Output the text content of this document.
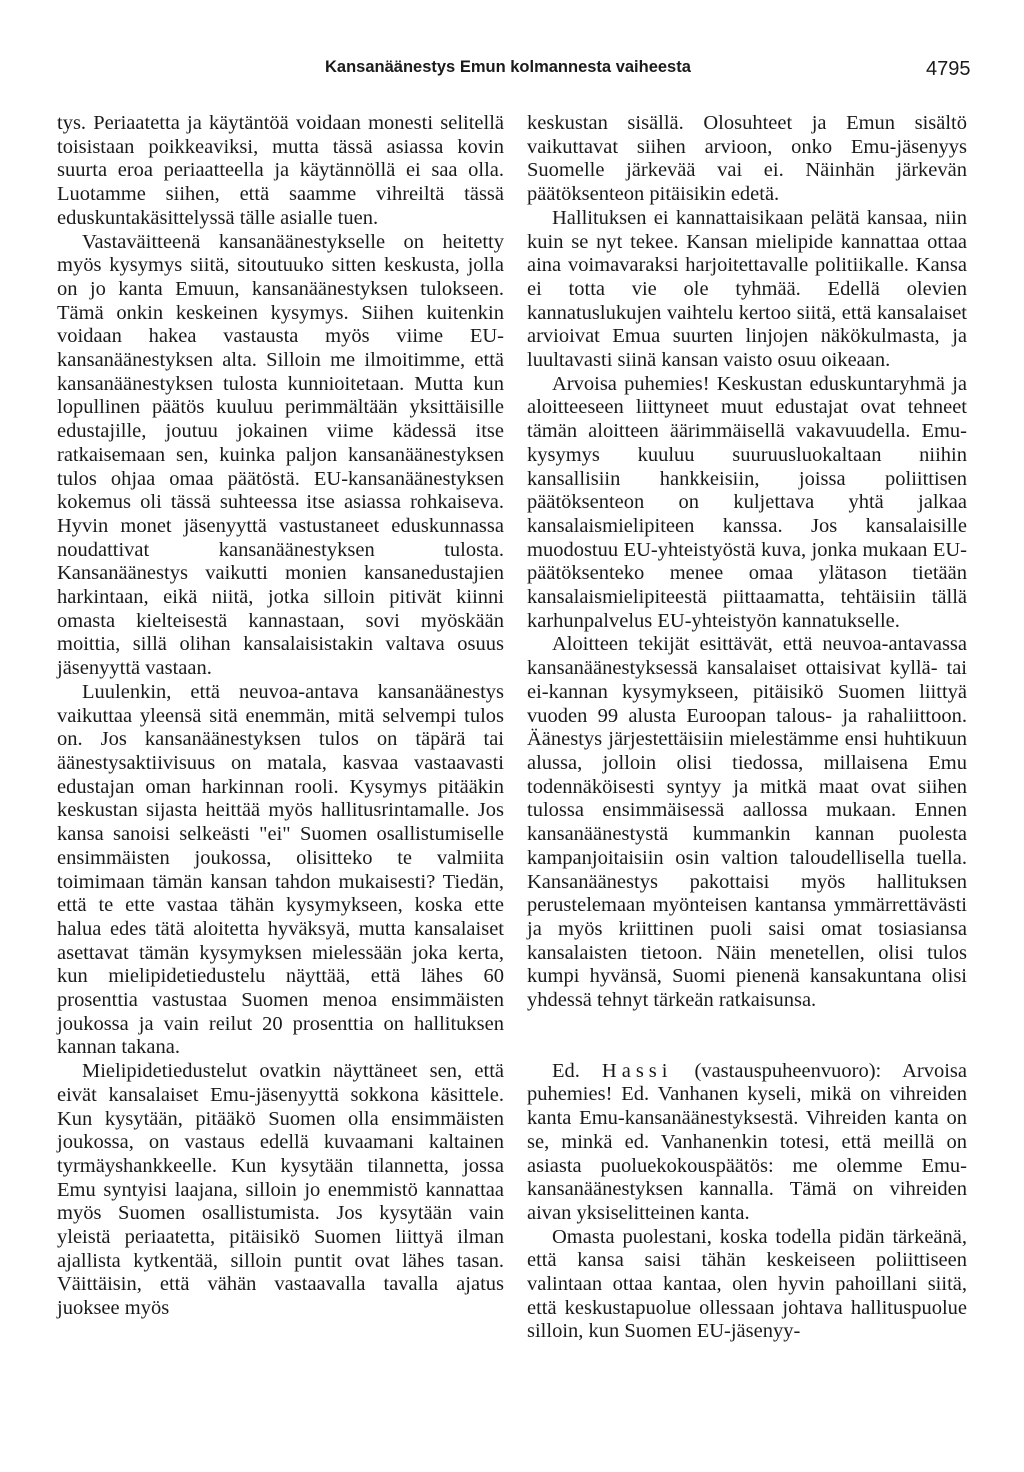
Kansanäänestys Emun kolmannesta vaiheesta	4795

tys. Periaatetta ja käytäntöä voidaan monesti selitellä toisistaan poikkeaviksi, mutta tässä asiassa kovin suurta eroa periaatteella ja käytännöllä ei saa olla. Luotamme siihen, että saamme vihreiltä tässä eduskuntakäsittelyssä tälle asialle tuen.

Vastaväitteenä kansanäänestykselle on heitetty myös kysymys siitä, sitoutuuko sitten keskusta, jolla on jo kanta Emuun, kansanäänestyksen tulokseen. Tämä onkin keskeinen kysymys. Siihen kuitenkin voidaan hakea vastausta myös viime EU-kansanäänestyksen alta. Silloin me ilmoitimme, että kansanäänestyksen tulosta kunnioitetaan. Mutta kun lopullinen päätös kuuluu perimmältään yksittäisille edustajille, joutuu jokainen viime kädessä itse ratkaisemaan sen, kuinka paljon kansanäänestyksen tulos ohjaa omaa päätöstä. EU-kansanäänestyksen kokemus oli tässä suhteessa itse asiassa rohkaiseva. Hyvin monet jäsenyyttä vastustaneet eduskunnassa noudattivat kansanäänestyksen tulosta. Kansanäänestys vaikutti monien kansanedustajien harkintaan, eikä niitä, jotka silloin pitivät kiinni omasta kielteisestä kannastaan, sovi myöskään moittia, sillä olihan kansalaisistakin valtava osuus jäsenyyttä vastaan.

Luulenkin, että neuvoa-antava kansanäänestys vaikuttaa yleensä sitä enemmän, mitä selvempi tulos on. Jos kansanäänestyksen tulos on täpärä tai äänestysaktiivisuus on matala, kasvaa vastaavasti edustajan oman harkinnan rooli. Kysymys pitääkin keskustan sijasta heittää myös hallitusrintamalle. Jos kansa sanoisi selkeästi "ei" Suomen osallistumiselle ensimmäisten joukossa, olisitteko te valmiita toimimaan tämän kansan tahdon mukaisesti? Tiedän, että te ette vastaa tähän kysymykseen, koska ette halua edes tätä aloitetta hyväksyä, mutta kansalaiset asettavat tämän kysymyksen mielessään joka kerta, kun mielipidetiedustelu näyttää, että lähes 60 prosenttia vastustaa Suomen menoa ensimmäisten joukossa ja vain reilut 20 prosenttia on hallituksen kannan takana.

Mielipidetiedustelut ovatkin näyttäneet sen, että eivät kansalaiset Emu-jäsenyyttä sokkona käsittele. Kun kysytään, pitääkö Suomen olla ensimmäisten joukossa, on vastaus edellä kuvaamani kaltainen tyrmäyshankkeelle. Kun kysytään tilannetta, jossa Emu syntyisi laajana, silloin jo enemmistö kannattaa myös Suomen osallistumista. Jos kysytään vain yleistä periaatetta, pitäisikö Suomen liittyä ilman ajallista kytkentää, silloin puntit ovat lähes tasan. Väittäisin, että vähän vastaavalla tavalla ajatus juoksee myös

keskustan sisällä. Olosuhteet ja Emun sisältö vaikuttavat siihen arvioon, onko Emu-jäsenyys Suomelle järkevää vai ei. Näinhän järkevän päätöksenteon pitäisikin edetä.

Hallituksen ei kannattaisikaan pelätä kansaa, niin kuin se nyt tekee. Kansan mielipide kannattaa ottaa aina voimavaraksi harjoitettavalle politiikalle. Kansa ei totta vie ole tyhmää. Edellä olevien kannatuslukujen vaihtelu kertoo siitä, että kansalaiset arvioivat Emua suurten linjojen näkökulmasta, ja luultavasti siinä kansan vaisto osuu oikeaan.

Arvoisa puhemies! Keskustan eduskuntaryhmä ja aloitteeseen liittyneet muut edustajat ovat tehneet tämän aloitteen äärimmäisellä vakavuudella. Emu-kysymys kuuluu suuruusluokaltaan niihin kansallisiin hankkeisiin, joissa poliittisen päätöksenteon on kuljettava yhtä jalkaa kansalaismielipiteen kanssa. Jos kansalaisille muodostuu EU-yhteistyöstä kuva, jonka mukaan EU-päätöksenteko menee omaa ylätason tietään kansalaismielipiteestä piittaamatta, tehtäisiin tällä karhunpalvelus EU-yhteistyön kannatukselle.

Aloitteen tekijät esittävät, että neuvoa-antavassa kansanäänestyksessä kansalaiset ottaisivat kyllä- tai ei-kannan kysymykseen, pitäisikö Suomen liittyä vuoden 99 alusta Euroopan talous- ja rahaliittoon. Äänestys järjestettäisiin mielestämme ensi huhtikuun alussa, jolloin olisi tiedossa, millaisena Emu todennäköisesti syntyy ja mitkä maat ovat siihen tulossa ensimmäisessä aallossa mukaan. Ennen kansanäänestystä kummankin kannan puolesta kampanjoitaisiin osin valtion taloudellisella tuella. Kansanäänestys pakottaisi myös hallituksen perustelemaan myönteisen kantansa ymmärrettävästi ja myös kriittinen puoli saisi omat tosiasiansa kansalaisten tietoon. Näin menetellen, olisi tulos kumpi hyvänsä, Suomi pienenä kansakuntana olisi yhdessä tehnyt tärkeän ratkaisunsa.

Ed. Hassi (vastauspuheenvuoro): Arvoisa puhemies! Ed. Vanhanen kyseli, mikä on vihreiden kanta Emu-kansanäänestyksestä. Vihreiden kanta on se, minkä ed. Vanhanenkin totesi, että meillä on asiasta puoluekokouspäätös: me olemme Emu-kansanäänestyksen kannalla. Tämä on vihreiden aivan yksiselitteinen kanta.

Omasta puolestani, koska todella pidän tärkeänä, että kansa saisi tähän keskeiseen poliittiseen valintaan ottaa kantaa, olen hyvin pahoillani siitä, että keskustapuolue ollessaan johtava hallituspuolue silloin, kun Suomen EU-jäsenyy-
